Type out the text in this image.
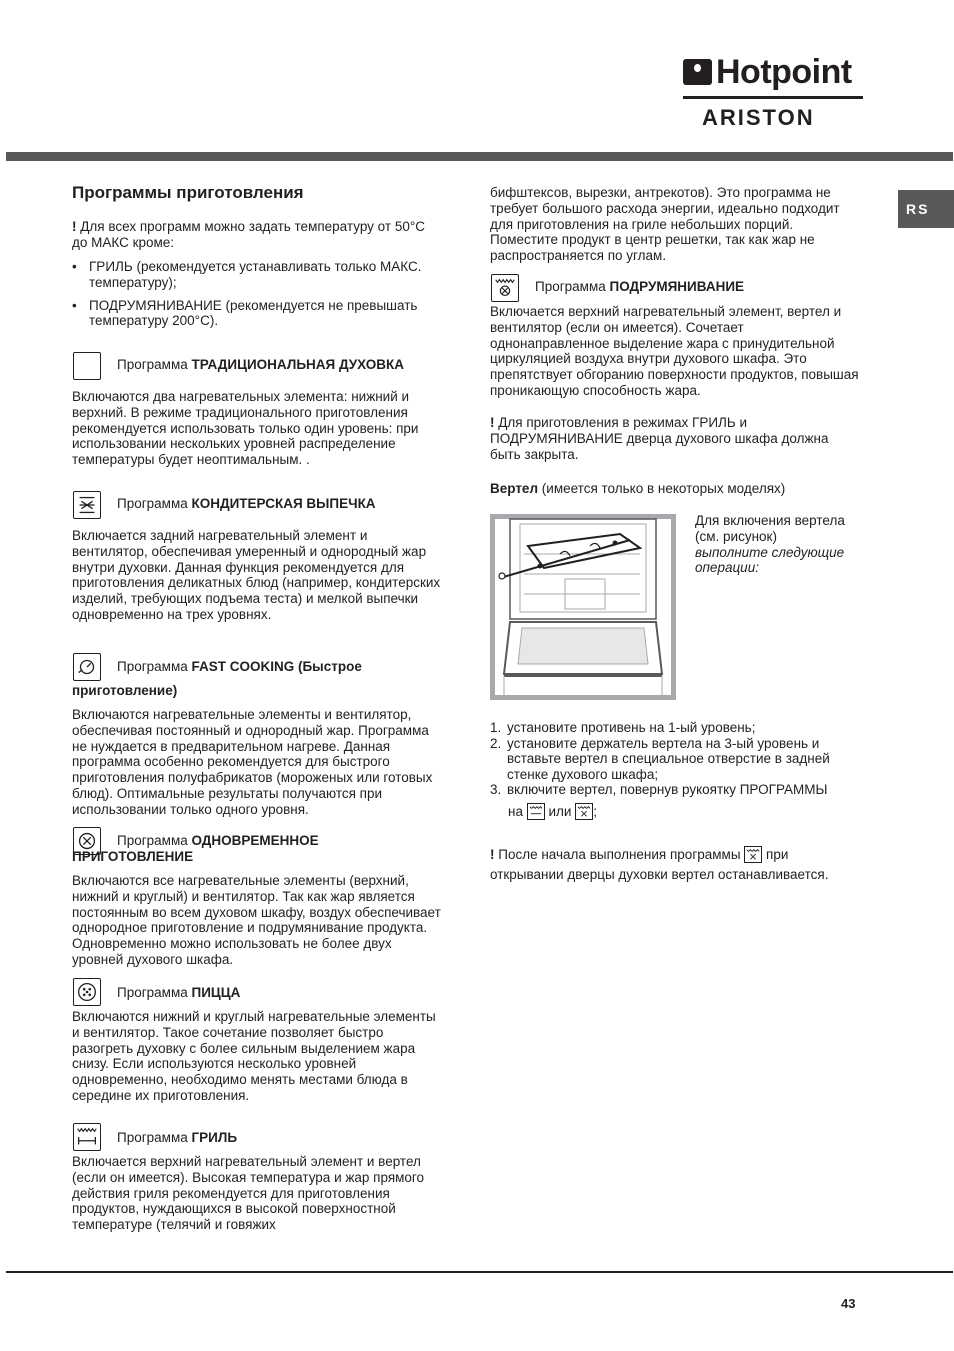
Hotpoint
ARISTON
RS
Программы приготовления
! Для всех программ можно задать температуру от 50°C до МАКС кроме:
• ГРИЛЬ (рекомендуется устанавливать только МАКС. температуру);
• ПОДРУМЯНИВАНИЕ (рекомендуется не превышать температуру 200°С).
Программа ТРАДИЦИОНАЛЬНАЯ ДУХОВКА

Включаются два нагревательных элемента: нижний и верхний. В режиме традиционального приготовления рекомендуется использовать только один уровень: при использовании нескольких уровней распределение температуры будет неоптимальным. .

Программа КОНДИТЕРСКАЯ ВЫПЕЧКА

Включается задний нагревательный элемент и вентилятор, обеспечивая умеренный и однородный жар внутри духовки. Данная функция рекомендуется для приготовления деликатных блюд (например, кондитерских изделий, требующих подъема теста) и мелкой выпечки одновременно на трех уровнях.

Программа FAST COOKING (Быстрое
приготовление)

Включаются нагревательные элементы и вентилятор, обеспечивая постоянный и однородный жар. Программа не нуждается в предварительном нагреве. Данная программа особенно рекомендуется для быстрого приготовления полуфабрикатов (мороженых или готовых блюд). Оптимальные результаты получаются при использовании только одного уровня.

Программа ОДНОВРЕМЕННОЕ
ПРИГОТОВЛЕНИЕ

Включаются все нагревательные элементы (верхний, нижний и круглый) и вентилятор. Так как жар является постоянным во всем духовом шкафу, воздух обеспечивает однородное приготовление и подрумянивание продукта. Одновременно можно использовать не более двух уровней духового шкафа.

Программа ПИЦЦА

Включаются нижний и круглый нагревательные элементы и вентилятор. Такое сочетание позволяет быстро разогреть духовку с более сильным выделением жара снизу. Если используются несколько уровней одновременно, необходимо менять местами блюда в середине их приготовления.

Программа ГРИЛЬ

Включается верхний нагревательный элемент и вертел (если он имеется). Высокая температура и жар прямого действия гриля рекомендуется для приготовления продуктов, нуждающихся в высокой поверхностной температуре (телячий и говяжих

бифштексов, вырезки, антрекотов). Это программа не требует большого расхода энергии, идеально подходит для приготовления на гриле небольших порций. Поместите продукт в центр решетки, так как жар не распространяется по углам.

Программа ПОДРУМЯНИВАНИЕ

Включается верхний нагревательный элемент, вертел и вентилятор (если он имеется). Сочетает однонаправленное выделение жара с принудительной циркуляцией воздуха внутри духового шкафа. Это препятствует обгоранию поверхности продуктов, повышая проникающую способность жара.

! Для приготовления в режимах ГРИЛЬ и ПОДРУМЯНИВАНИЕ дверца духового шкафа должна быть закрыта.
Вертел (имеется только в некоторых моделях)
Для включения вертела (см. рисунок)
выполните следующие операции:
1. установите противень на 1-ый уровень;
2. установите держатель вертела на 3-ый уровень и вставьте вертел в специальное отверстие в задней стенке духового шкафа;
3. включите вертел, повернув рукоятку ПРОГРАММЫ
на или ;
! После начала выполнения программы
при открывании дверцы духовки вертел останавливается.
43
